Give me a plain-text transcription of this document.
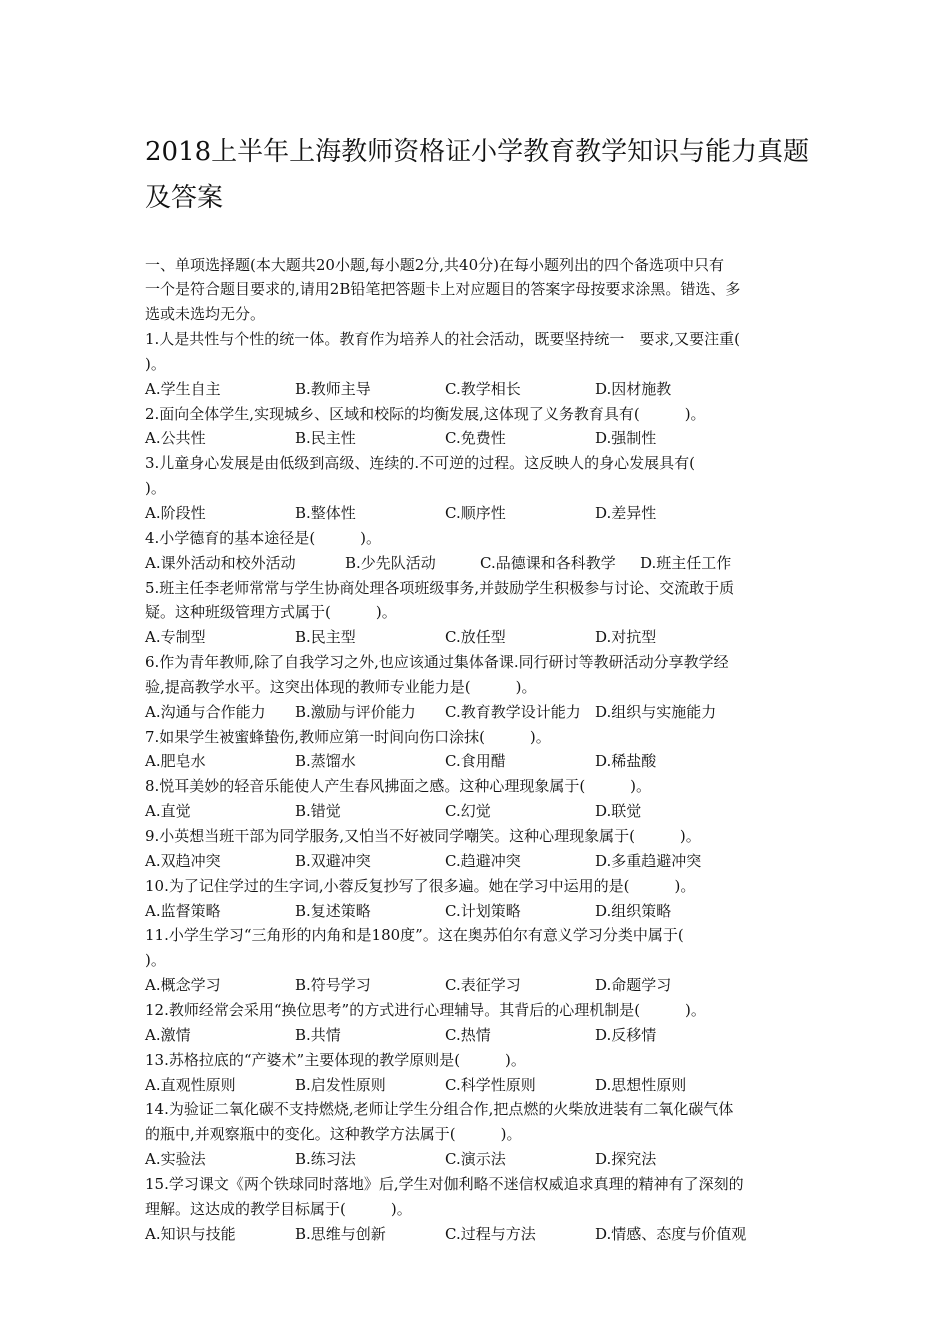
2018上半年上海教师资格证小学教育教学知识与能力真题
及答案
一、单项选择题(本大题共20小题,每小题2分,共40分)在每小题列出的四个备选项中只有
一个是符合题目要求的,请用2B铅笔把答题卡上对应题目的答案字母按要求涂黑。错选、多
选或未选均无分。
1.人是共性与个性的统一体。教育作为培养人的社会活动，既要坚持统一　要求,又要注重(
)。
A.学生自主	B.教师主导	C.教学相长	D.因材施教
2.面向全体学生,实现城乡、区域和校际的均衡发展,这体现了义务教育具有(　　　)。
A.公共性	B.民主性	C.免费性	D.强制性
3.儿童身心发展是由低级到高级、连续的.不可逆的过程。这反映人的身心发展具有(
)。
A.阶段性	B.整体性	C.顺序性	D.差异性
4.小学德育的基本途径是(　　　)。
A.课外活动和校外活动	B.少先队活动	C.品德课和各科教学 D.班主任工作
5.班主任李老师常常与学生协商处理各项班级事务,并鼓励学生积极参与讨论、交流敢于质
疑。这种班级管理方式属于(　　　)。
A.专制型	B.民主型	C.放任型	D.对抗型
6.作为青年教师,除了自我学习之外,也应该通过集体备课.同行研讨等教研活动分享教学经
验,提高教学水平。这突出体现的教师专业能力是(　　　)。
A.沟通与合作能力 B.激励与评价能力 C.教育教学设计能力 D.组织与实施能力
7.如果学生被蜜蜂蛰伤,教师应第一时间向伤口涂抹(　　　)。
A.肥皂水	B.蒸馏水	C.食用醋	D.稀盐酸
8.悦耳美妙的轻音乐能使人产生春风拂面之感。这种心理现象属于(　　　)。
A.直觉	B.错觉	C.幻觉	D.联觉
9.小英想当班干部为同学服务,又怕当不好被同学嘲笑。这种心理现象属于(　　　)。
A.双趋冲突	B.双避冲突	C.趋避冲突	D.多重趋避冲突
10.为了记住学过的生字词,小蓉反复抄写了很多遍。她在学习中运用的是(　　　)。
A.监督策略	B.复述策略	C.计划策略	D.组织策略
11.小学生学习“三角形的内角和是180度”。这在奥苏伯尔有意义学习分类中属于(
)。
A.概念学习	B.符号学习	C.表征学习	D.命题学习
12.教师经常会采用“换位思考”的方式进行心理辅导。其背后的心理机制是(　　　)。
A.激情	B.共情	C.热情	D.反移情
13.苏格拉底的“产婆术”主要体现的教学原则是(　　　)。
A.直观性原则	B.启发性原则	C.科学性原则	D.思想性原则
14.为验证二氧化碳不支持燃烧,老师让学生分组合作,把点燃的火柴放进装有二氧化碳气体
的瓶中,并观察瓶中的变化。这种教学方法属于(　　　)。
A.实验法	B.练习法	C.演示法	D.探究法
15.学习课文《两个铁球同时落地》后,学生对伽利略不迷信权威追求真理的精神有了深刻的
理解。这达成的教学目标属于(　　　)。
A.知识与技能	B.思维与创新	C.过程与方法	D.情感、态度与价值观
